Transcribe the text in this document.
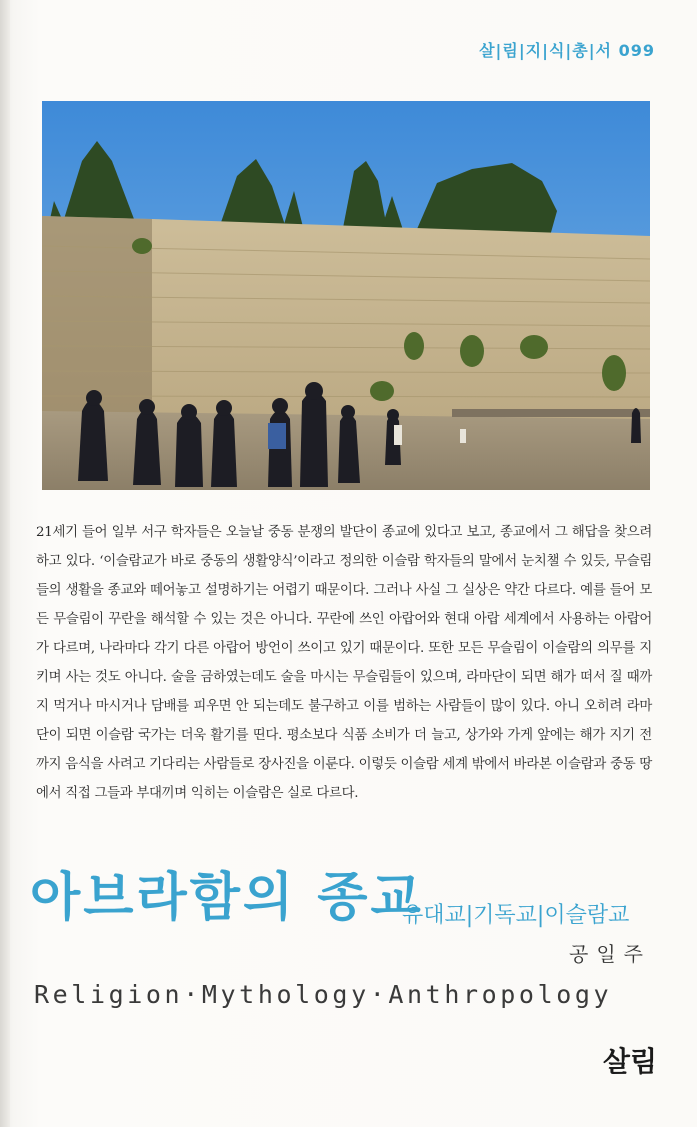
살|림|지|식|총|서 099
21세기 들어 일부 서구 학자들은 오늘날 중동 분쟁의 발단이 종교에 있다고 보고, 종교에서 그 해답을 찾으려 하고 있다. ‘이슬람교가 바로 중동의 생활양식’이라고 정의한 이슬람 학자들의 말에서 눈치챌 수 있듯, 무슬림들의 생활을 종교와 떼어놓고 설명하기는 어렵기 때문이다. 그러나 사실 그 실상은 약간 다르다. 예를 들어 모든 무슬림이 꾸란을 해석할 수 있는 것은 아니다. 꾸란에 쓰인 아랍어와 현대 아랍 세계에서 사용하는 아랍어가 다르며, 나라마다 각기 다른 아랍어 방언이 쓰이고 있기 때문이다. 또한 모든 무슬림이 이슬람의 의무를 지키며 사는 것도 아니다. 술을 금하였는데도 술을 마시는 무슬림들이 있으며, 라마단이 되면 해가 떠서 질 때까지 먹거나 마시거나 담배를 피우면 안 되는데도 불구하고 이를 범하는 사람들이 많이 있다. 아니 오히려 라마단이 되면 이슬람 국가는 더욱 활기를 띤다. 평소보다 식품 소비가 더 늘고, 상가와 가게 앞에는 해가 지기 전까지 음식을 사려고 기다리는 사람들로 장사진을 이룬다. 이렇듯 이슬람 세계 밖에서 바라본 이슬람과 중동 땅에서 직접 그들과 부대끼며 익히는 이슬람은 실로 다르다.
아브라함의 종교
유대교|기독교|이슬람교
공일주
Religion·Mythology·Anthropology
살림
